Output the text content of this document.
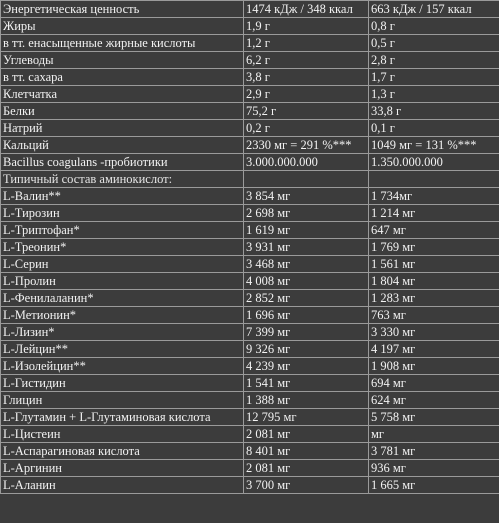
Энергетическая ценность	1474 кДж / 348 ккал	663 кДж / 157 ккал
Жиры	1,9 г	0,8 г
в тт. енасыщенные жирные кислоты	1,2 г	0,5 г
Углеводы	6,2 г	2,8 г
в тт. сахара	3,8 г	1,7 г
Клетчатка	2,9 г	1,3 г
Белки	75,2 г	33,8 г
Натрий	0,2 г	0,1 г
Кальций	2330 мг = 291 %***	1049 мг = 131 %***
Bacillus coagulans -пробиотики	3.000.000.000	1.350.000.000
Типичный состав аминокислот:		
L-Валин**	3 854 мг	1 734мг
L-Тирозин	2 698 мг	1 214 мг
L-Триптофан*	1 619 мг	647 мг
L-Треонин*	3 931 мг	1 769 мг
L-Серин	3 468 мг	1 561 мг
L-Пролин	4 008 мг	1 804 мг
L-Фенилаланин*	2 852 мг	1 283 мг
L-Метионин*	1 696 мг	763 мг
L-Лизин*	7 399 мг	3 330 мг
L-Лейцин**	9 326 мг	4 197 мг
L-Изолейцин**	4 239 мг	1 908 мг
L-Гистидин	1 541 мг	694 мг
Глицин	1 388 мг	624 мг
L-Глутамин + L-Глутаминовая кислота	12 795 мг	5 758 мг
L-Цистеин	2 081 мг	мг
L-Аспарагиновая кислота	8 401 мг	3 781 мг
L-Аргинин	2 081 мг	936 мг
L-Аланин	3 700 мг	1 665 мг
